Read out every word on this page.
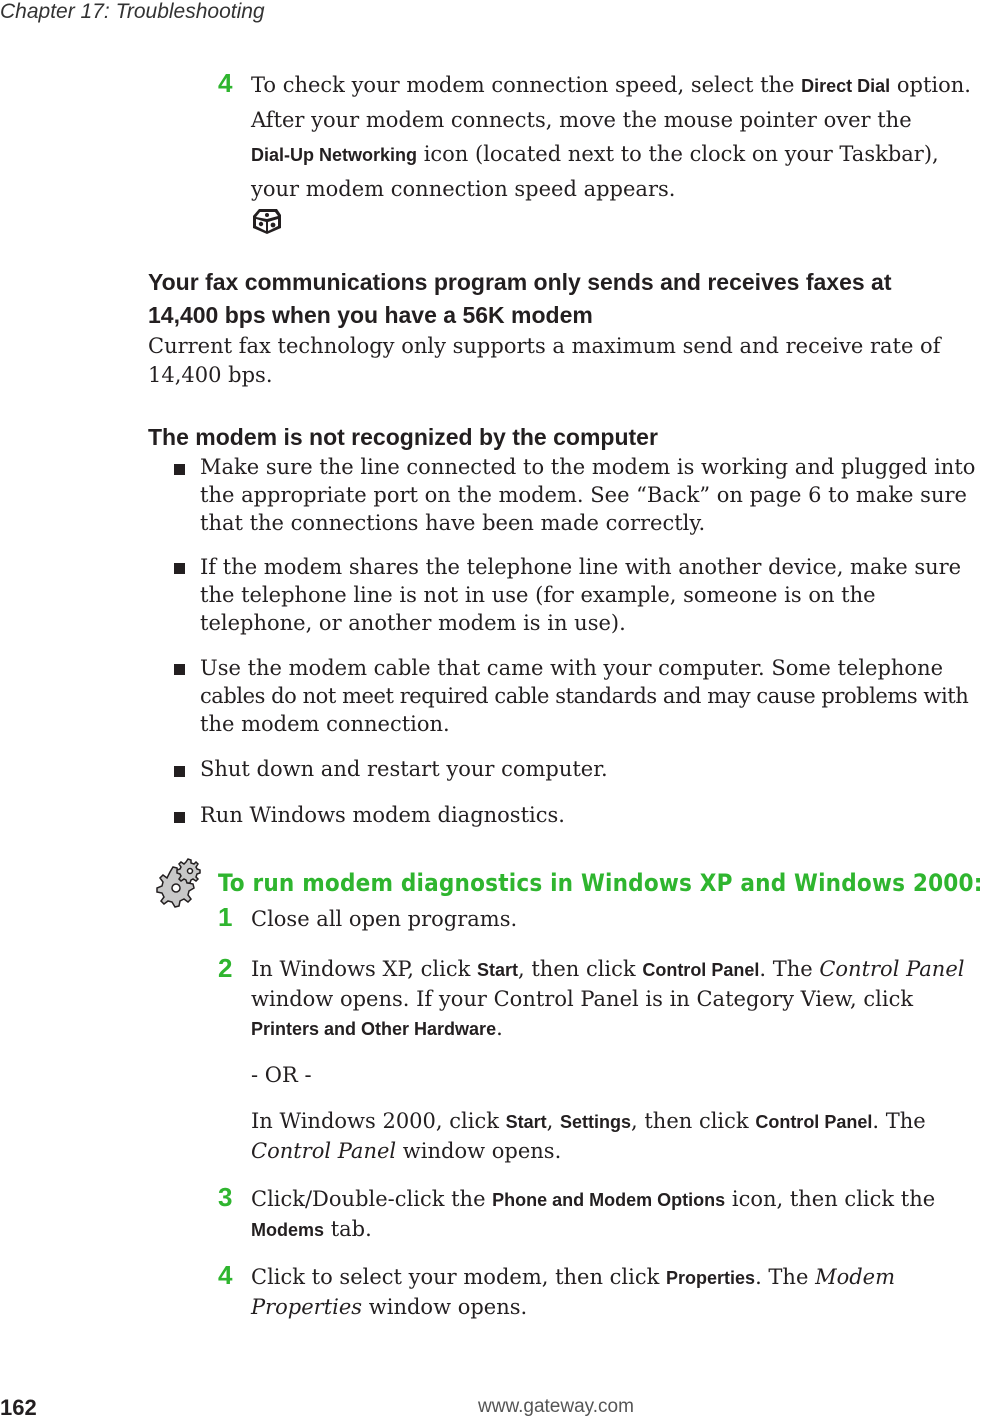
Chapter 17: Troubleshooting
4 To check your modem connection speed, select the Direct Dial option.
After your modem connects, move the mouse pointer over the
Dial-Up Networking icon (located next to the clock on your Taskbar),
your modem connection speed appears.
Your fax communications program only sends and receives faxes at
14,400 bps when you have a 56K modem
Current fax technology only supports a maximum send and receive rate of
14,400 bps.
The modem is not recognized by the computer
Make sure the line connected to the modem is working and plugged into
the appropriate port on the modem. See “Back” on page 6 to make sure
that the connections have been made correctly.
If the modem shares the telephone line with another device, make sure
the telephone line is not in use (for example, someone is on the
telephone, or another modem is in use).
Use the modem cable that came with your computer. Some telephone
cables do not meet required cable standards and may cause problems with
the modem connection.
Shut down and restart your computer.
Run Windows modem diagnostics.
To run modem diagnostics in Windows XP and Windows 2000:
1 Close all open programs.
2 In Windows XP, click Start, then click Control Panel. The Control Panel
window opens. If your Control Panel is in Category View, click
Printers and Other Hardware.
- OR -
In Windows 2000, click Start, Settings, then click Control Panel. The
Control Panel window opens.
3 Click/Double-click the Phone and Modem Options icon, then click the
Modems tab.
4 Click to select your modem, then click Properties. The Modem
Properties window opens.
162	www.gateway.com
